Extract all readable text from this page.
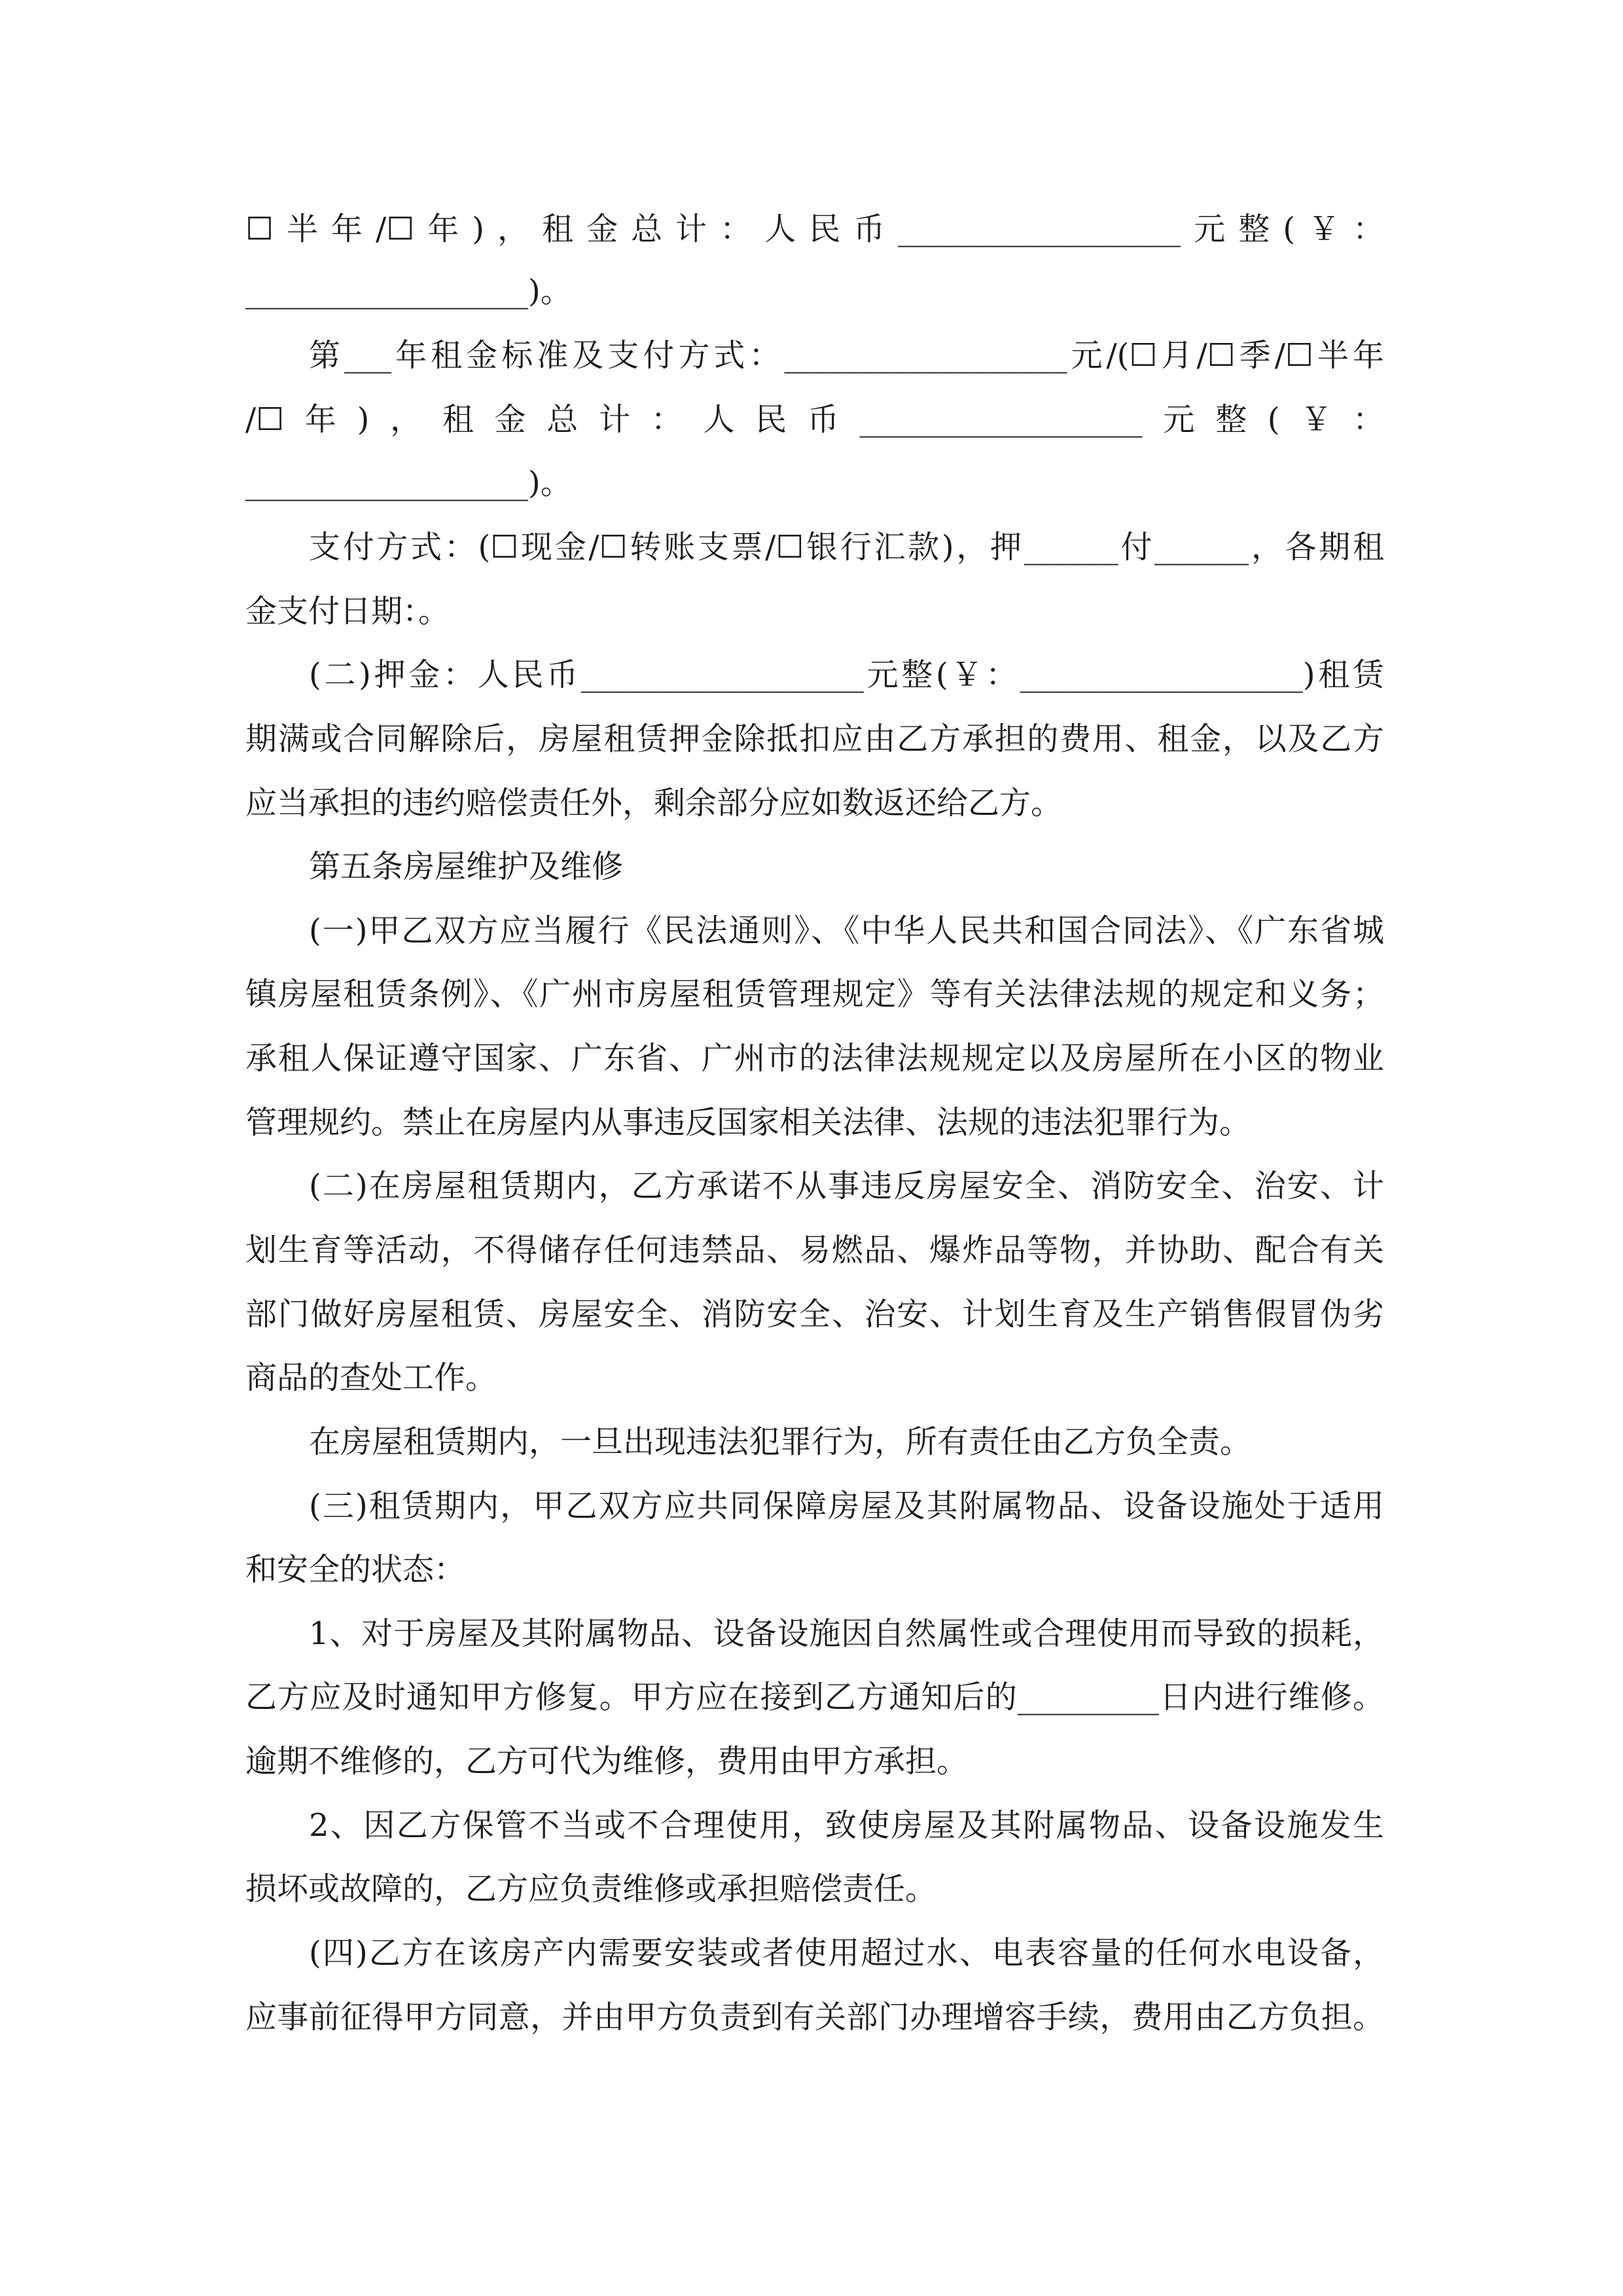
☐半年/☐年)，租金总计：人民币__________________元整(￥：
__________________)。
第___年租金标准及支付方式：__________________元/(☐月/☐季/☐半年
/☐年)，租金总计：人民币__________________元整(￥：
__________________)。
支付方式：(☐现金/☐转账支票/☐银行汇款)，押______付______，各期租
金支付日期：。
(二)押金：人民币__________________元整(￥：__________________)租赁
期满或合同解除后，房屋租赁押金除抵扣应由乙方承担的费用、租金，以及乙方
应当承担的违约赔偿责任外，剩余部分应如数返还给乙方。
第五条房屋维护及维修
(一)甲乙双方应当履行《民法通则》、《中华人民共和国合同法》、《广东省城
镇房屋租赁条例》、《广州市房屋租赁管理规定》等有关法律法规的规定和义务；
承租人保证遵守国家、广东省、广州市的法律法规规定以及房屋所在小区的物业
管理规约。禁止在房屋内从事违反国家相关法律、法规的违法犯罪行为。
(二)在房屋租赁期内，乙方承诺不从事违反房屋安全、消防安全、治安、计
划生育等活动，不得储存任何违禁品、易燃品、爆炸品等物，并协助、配合有关
部门做好房屋租赁、房屋安全、消防安全、治安、计划生育及生产销售假冒伪劣
商品的查处工作。
在房屋租赁期内，一旦出现违法犯罪行为，所有责任由乙方负全责。
(三)租赁期内，甲乙双方应共同保障房屋及其附属物品、设备设施处于适用
和安全的状态：
1、对于房屋及其附属物品、设备设施因自然属性或合理使用而导致的损耗，
乙方应及时通知甲方修复。甲方应在接到乙方通知后的_________日内进行维修。
逾期不维修的，乙方可代为维修，费用由甲方承担。
2、因乙方保管不当或不合理使用，致使房屋及其附属物品、设备设施发生
损坏或故障的，乙方应负责维修或承担赔偿责任。
(四)乙方在该房产内需要安装或者使用超过水、电表容量的任何水电设备，
应事前征得甲方同意，并由甲方负责到有关部门办理增容手续，费用由乙方负担。
